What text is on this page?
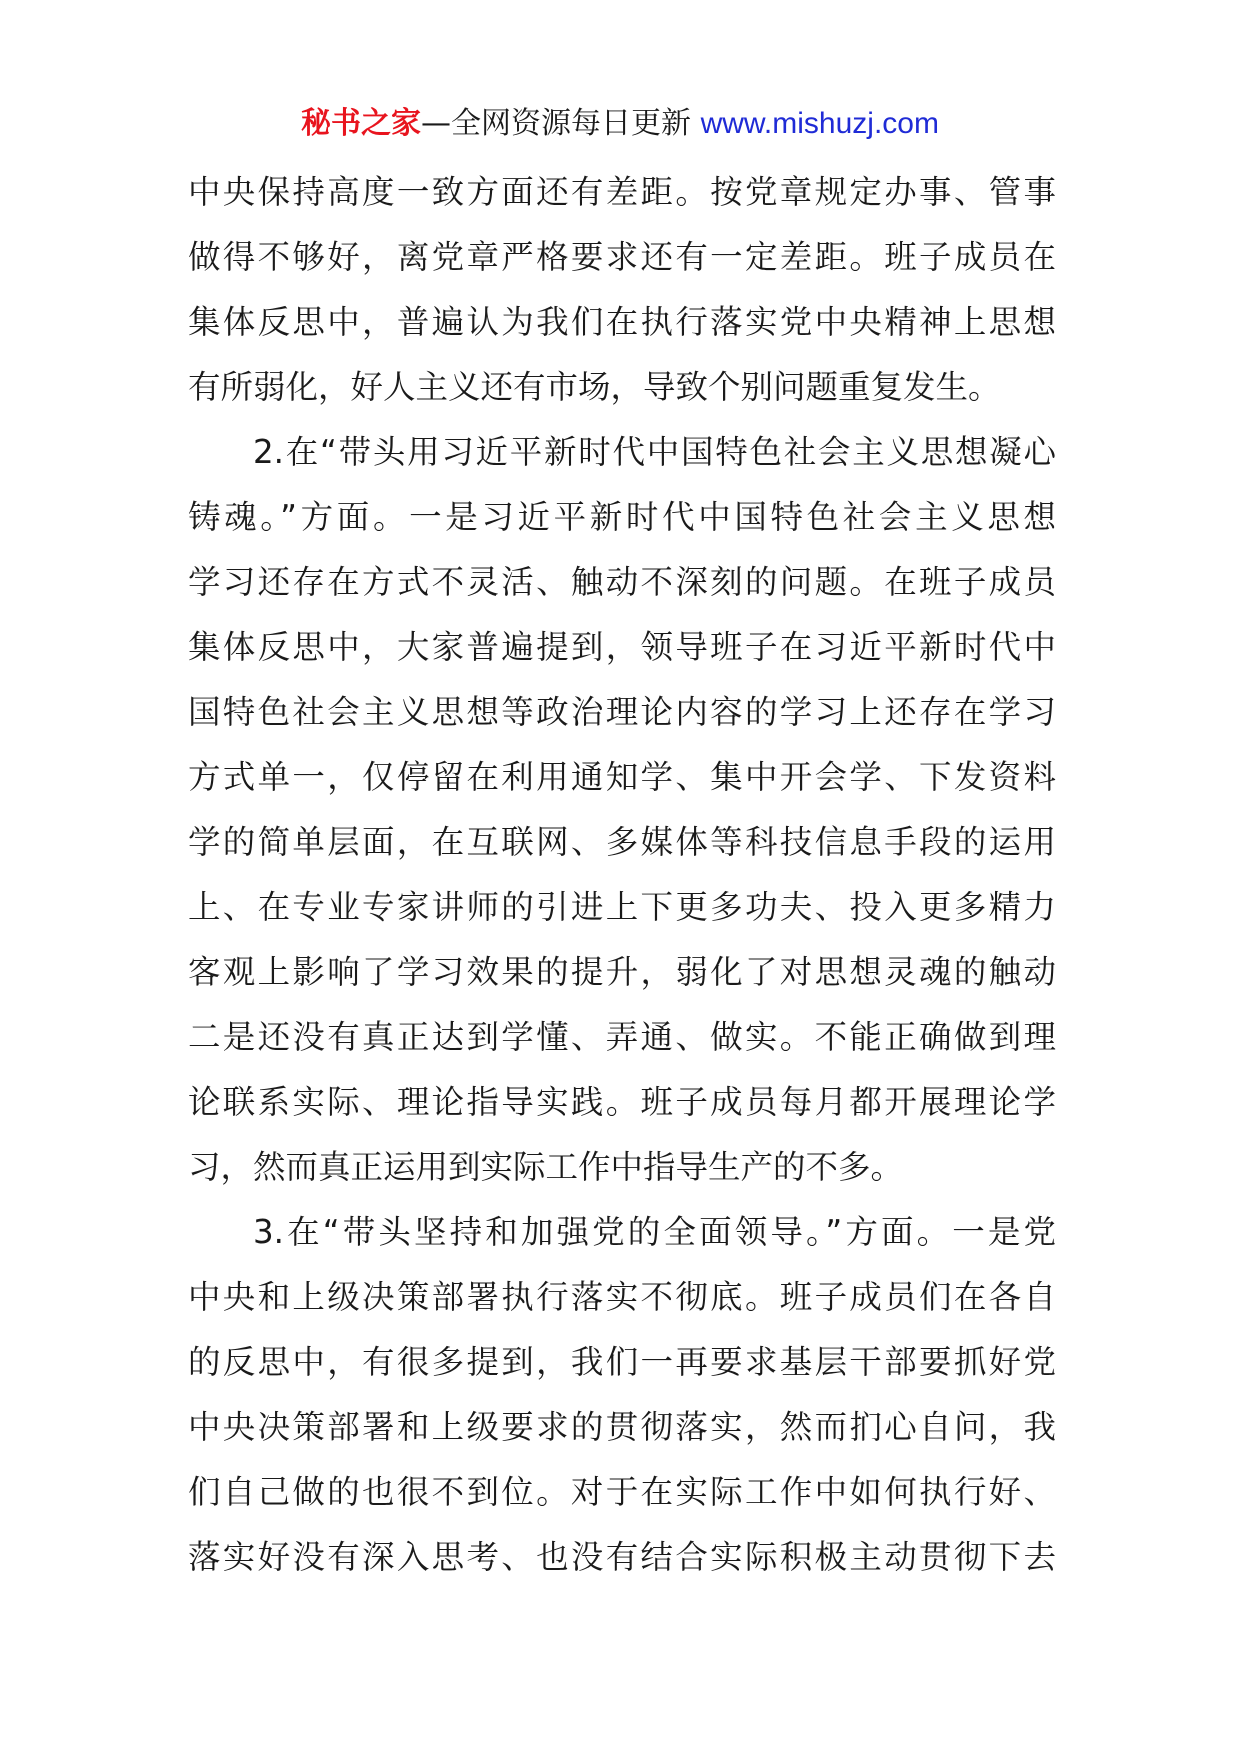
秘书之家—全网资源每日更新 www.mishuzj.com
中央保持高度一致方面还有差距。按党章规定办事、管事
做得不够好，离党章严格要求还有一定差距。班子成员在
集体反思中，普遍认为我们在执行落实党中央精神上思想
有所弱化，好人主义还有市场，导致个别问题重复发生。
2.在“带头用习近平新时代中国特色社会主义思想凝心
铸魂。”方面。一是习近平新时代中国特色社会主义思想
学习还存在方式不灵活、触动不深刻的问题。在班子成员
集体反思中，大家普遍提到，领导班子在习近平新时代中
国特色社会主义思想等政治理论内容的学习上还存在学习
方式单一，仅停留在利用通知学、集中开会学、下发资料
学的简单层面，在互联网、多媒体等科技信息手段的运用
上、在专业专家讲师的引进上下更多功夫、投入更多精力
客观上影响了学习效果的提升，弱化了对思想灵魂的触动
二是还没有真正达到学懂、弄通、做实。不能正确做到理
论联系实际、理论指导实践。班子成员每月都开展理论学
习，然而真正运用到实际工作中指导生产的不多。
3.在“带头坚持和加强党的全面领导。”方面。一是党
中央和上级决策部署执行落实不彻底。班子成员们在各自
的反思中，有很多提到，我们一再要求基层干部要抓好党
中央决策部署和上级要求的贯彻落实，然而扪心自问，我
们自己做的也很不到位。对于在实际工作中如何执行好、
落实好没有深入思考、也没有结合实际积极主动贯彻下去
